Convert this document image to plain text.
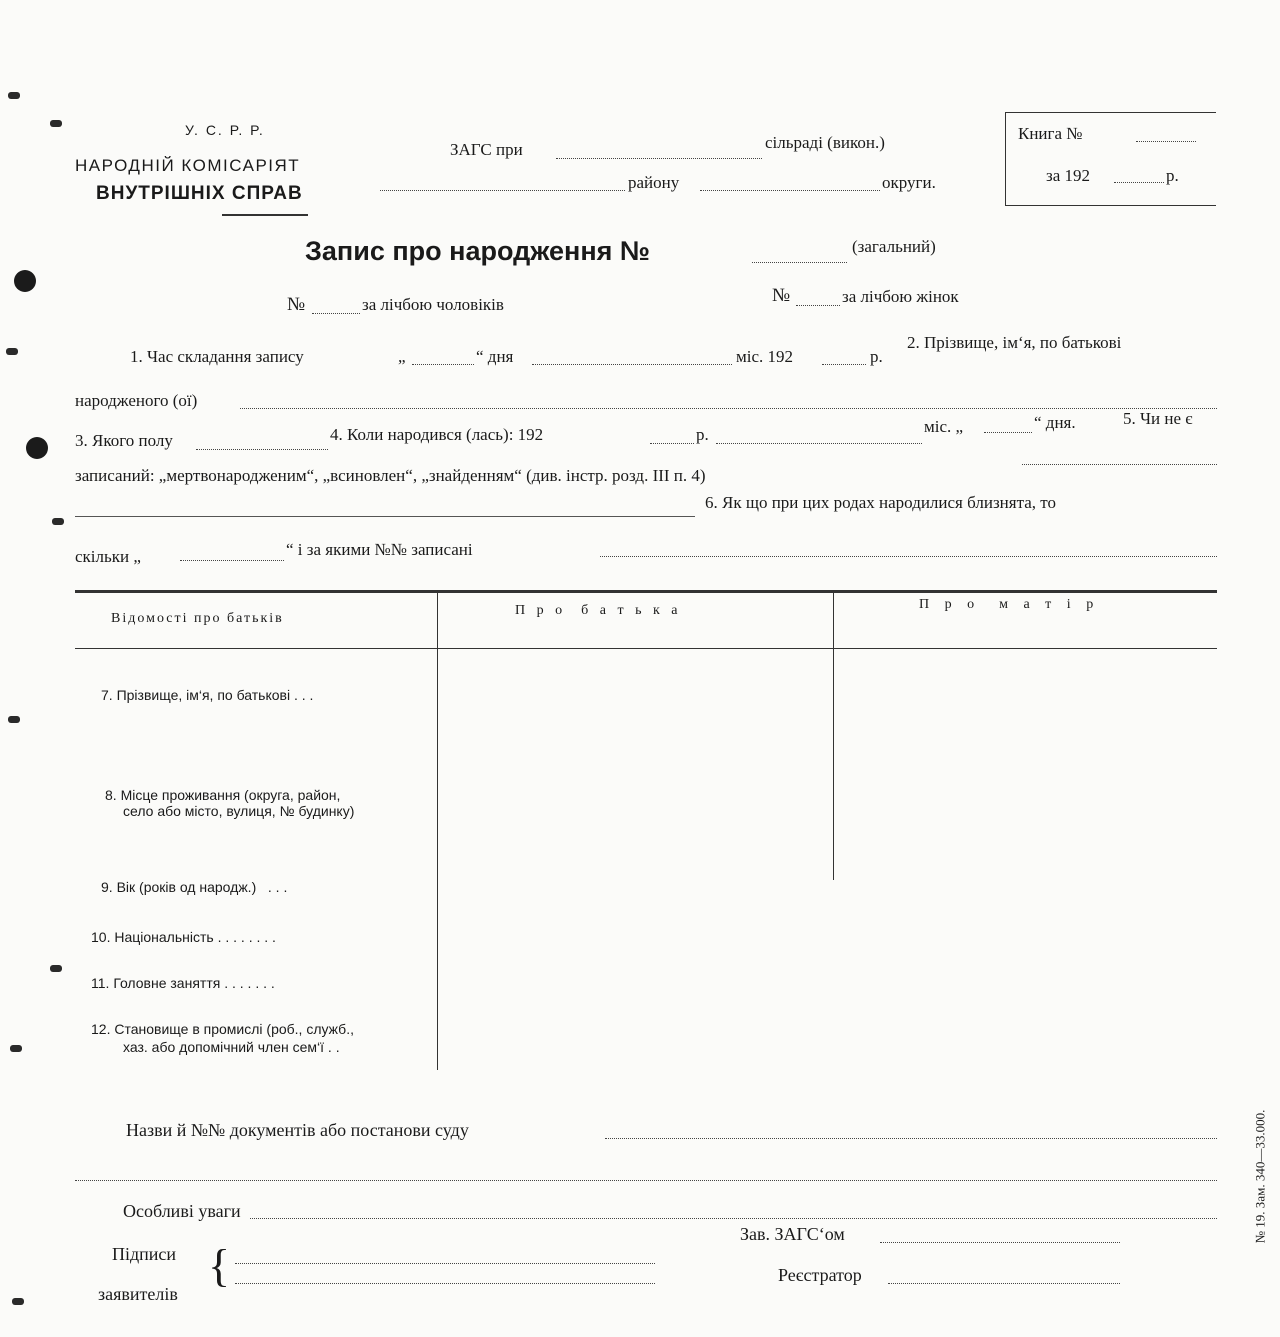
У. С. Р. Р.
НАРОДНІЙ КОМІСАРІЯТ
ВНУТРІШНІХ СПРАВ
ЗАГС при	сільраді (викон.)
району	округи.
Книга №
за 192	р.
Запис про народження №	(загальний)
№	за лічбою чоловіків	№	за лічбою жінок
1. Час складання запису	„	“ дня	міс. 192	р.
2. Прізвище, ім‘я, по батькові
народженого (ої)
3. Якого полу	4. Коли народився (лась): 192	р.	міс. „	“ дня.	5. Чи не є
записаний: „мертвонародженим“, „всиновлен“, „знайденням“ (див. інстр. розд. III п. 4)
6. Як що при цих родах народилися близнята, то
скільки „	“ і за якими №№ записані
Відомості про батьків
П р о  б а т ь к а	П р о  м а т і р
7. Прізвище, ім‘я, по батькові . . .
8. Місце проживання (округа, район,
село або місто, вулиця, № будинку)
9. Вік (років од народж.)   . . .
10. Національність . . . . . . . .
11. Головне заняття . . . . . . .
12. Становище в промислі (роб., служб.,
хаз. або допомічний член сем‘ї . .
Назви й №№ документів або постанови суду
Особливі уваги
Підписи
заявителів
{
Зав. ЗАГС‘ом
Реєстратор
№ 19. Зам. 340—33.000.
